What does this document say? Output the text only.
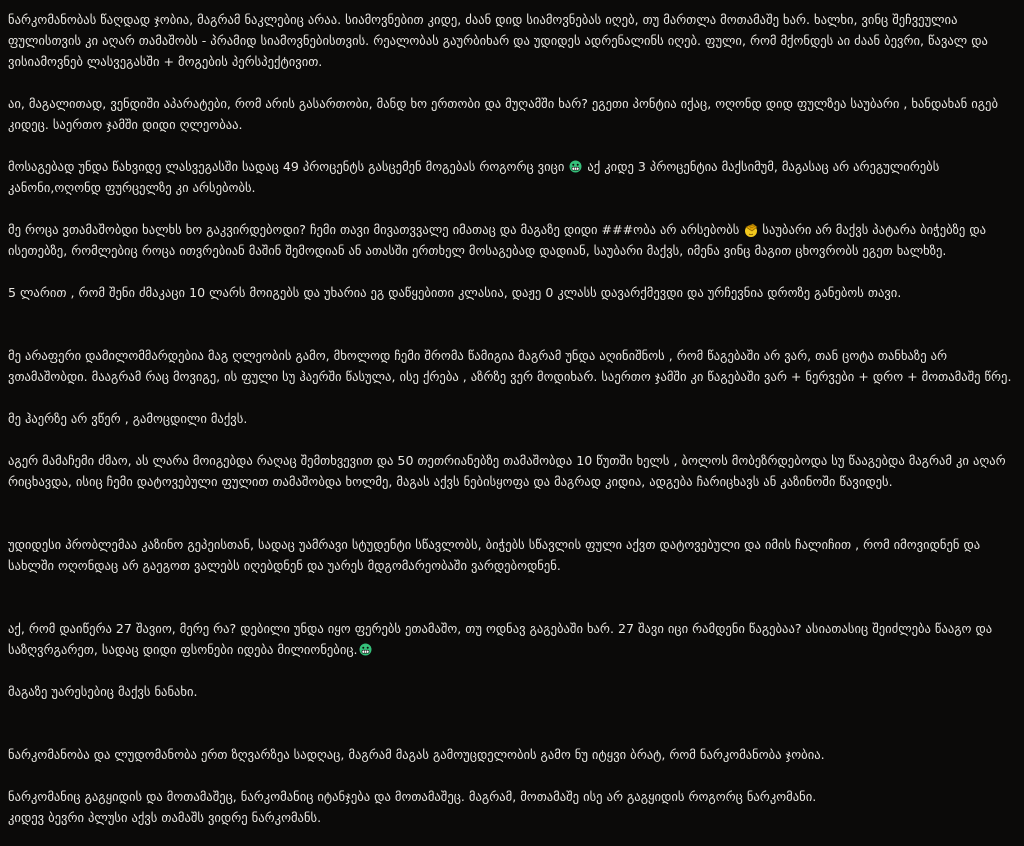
ნარკომანობას წაღდად ჯობია, მაგრამ ნაკლებიც არაა. სიამოვნებით კიდე, ძაან დიდ სიამოვნებას იღებ, თუ მართლა მოთამაშე ხარ. ხალხი, ვინც შეჩვეულია ფულისთვის კი აღარ თამაშობს - პრამიდ სიამოვნებისთვის. რეალობას გაურბიხარ და უდიდეს ადრენალინს იღებ. ფული, რომ მქონდეს აი ძაან ბევრი, წავალ და ვისიამოვნებ ლასვეგასში + მოგების პერსპექტივით.

აი, მაგალითად, ვენდიში აპარატები, რომ არის გასართობი, მანდ ხო ერთობი და მუღამში ხარ? ეგეთი პონტია იქაც, ოღონდ დიდ ფულზეა საუბარი , ხანდახან იგებ კიდეც. საერთო ჯამში დიდი ღლეობაა.

მოსაგებად უნდა წახვიდე ლასვეგასში სადაც 49 პროცენტს გასცემენ მოგებას როგორც ვიცი აქ კიდე 3 პროცენტია მაქსიმუმ, მაგასაც არ არეგულირებს კანონი,ოღონდ ფურცელზე კი არსებობს.

მე როცა ვთამაშობდი ხალხს ხო გაკვირდებოდი? ჩემი თავი მივათვვალე იმათაც და მაგაზე დიდი ###ობა არ არსებობს საუბარი არ მაქვს პატარა ბიჭებზე და ისეთებზე, რომლებიც როცა ითვრებიან მაშინ შემოდიან ან ათასში ერთხელ მოსაგებად დადიან, საუბარი მაქვს, იმენა ვინც მაგით ცხოვრობს ეგეთ ხალხზე.

5 ლარით , რომ შენი ძმაკაცი 10 ლარს მოიგებს და უხარია ეგ დაწყებითი კლასია, დაჟე 0 კლასს დავარქმევდი და ურჩევნია დროზე განებოს თავი.

მე არაფერი დამილომმარდებია მაგ ღლეობის გამო, მხოლოდ ჩემი შრომა წამიგია მაგრამ უნდა აღინიშნოს , რომ წაგებაში არ ვარ, თან ცოტა თანხაზე არ ვთამაშობდი. მააგრამ რაც მოვიგე, ის ფული სუ ჰაერში წასულა, ისე ქრება , აზრზე ვერ მოდიხარ. საერთო ჯამში კი წაგებაში ვარ + ნერვები + დრო + მოთამაშე წრე.

მე ჰაერზე არ ვწერ , გამოცდილი მაქვს.

აგერ მამაჩემი ძმაო, ას ლარა მოიგებდა რაღაც შემთხვევით და 50 თეთრიანებზე თამაშობდა 10 წუთში ხელს , ბოლოს მობეზრდებოდა სუ წააგებდა მაგრამ კი აღარ რიცხავდა, ისიც ჩემი დატოვებული ფულით თამაშობდა ხოლმე, მაგას აქვს ნებისყოფა და მაგრად კიდია, ადგება ჩარიცხავს ან კაზინოში წავიდეს.

უდიდესი პრობლემაა კაზინო გეპეისთან, სადაც უამრავი სტუდენტი სწავლობს, ბიჭებს სწავლის ფული აქვთ დატოვებული და იმის ჩალიჩით , რომ იმოვიდნენ და სახლში ოღონდაც არ გაეგოთ ვალებს იღებდნენ და უარეს მდგომარეობაში ვარდებოდნენ.

აქ, რომ დაიწერა 27 შავიო, მერე რა? დებილი უნდა იყო ფერებს ეთამაშო, თუ ოდნავ გაგებაში ხარ. 27 შავი იცი რამდენი წაგებაა? ასიათასიც შეიძლება წააგო და საზღვრგარეთ, სადაც დიდი ფსონები იდება მილიონებიც.

მაგაზე უარესებიც მაქვს ნანახი.

ნარკომანობა და ლუდომანობა ერთ ზღვარზეა სადღაც, მაგრამ მაგას გამოუცდელობის გამო ნუ იტყვი ბრატ, რომ ნარკომანობა ჯობია.

ნარკომანიც გაგყიდის და მოთამაშეც, ნარკომანიც იტანჯება და მოთამაშეც. მაგრამ, მოთამაშე ისე არ გაგყიდის როგორც ნარკომანი.

კიდევ ბევრი პლუსი აქვს თამაშს ვიდრე ნარკომანს.
